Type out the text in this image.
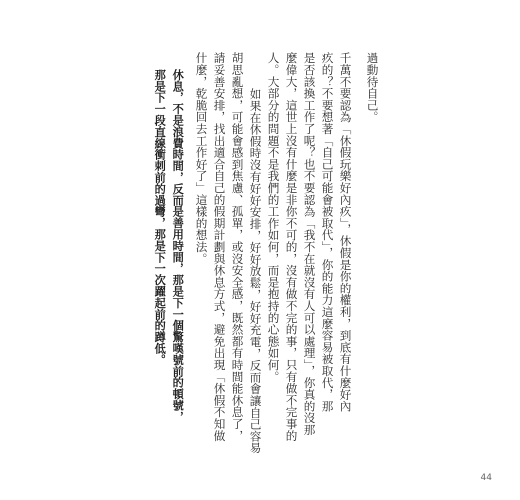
過動待自己。
千萬不要認為「休假玩樂好內疚」，休假是你的權利，到底有什麼好內
疚的？不要想著「自己可能會被取代」，你的能力這麼容易被取代，那
是否該換工作了呢？也不要認為「我不在就沒有人可以處理」，你真的沒那
麼偉大，這世上沒有什麼是非你不可的，沒有做不完的事，只有做不完事的
人。大部分的問題不是我們的工作如何，而是抱持的心態如何。
如果在休假時沒有好好安排，好好放鬆，好好充電，反而會讓自己容易
胡思亂想，可能會感到焦慮、孤單，或沒安全感，既然都有時間能休息了，
請妥善安排，找出適合自己的假期計劃與休息方式，避免出現「休假不知做
什麼，乾脆回去工作好了」這樣的想法。
休息，不是浪費時間，反而是善用時間，那是下一個驚嘆號前的頓號，
那是下一段直線衝刺前的過彎，那是下一次躍起前的蹲低。
44
